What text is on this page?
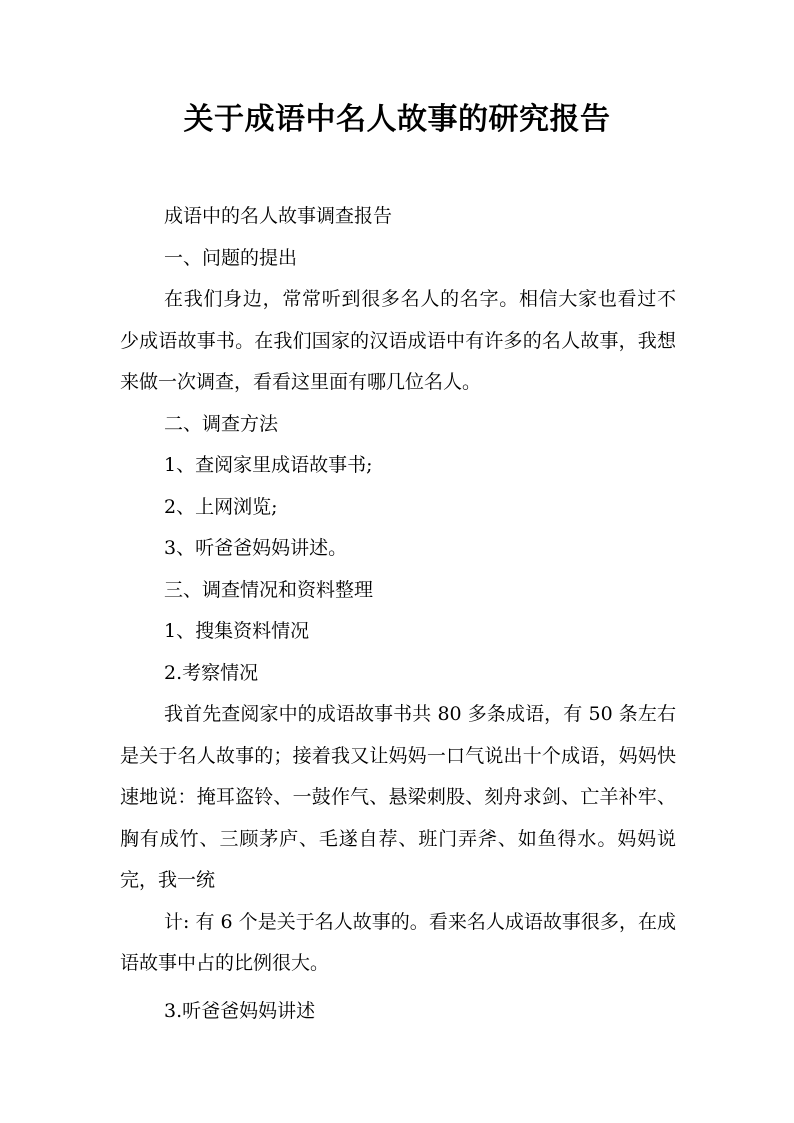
关于成语中名人故事的研究报告

成语中的名人故事调查报告

一、问题的提出

在我们身边，常常听到很多名人的名字。相信大家也看过不少成语故事书。在我们国家的汉语成语中有许多的名人故事，我想来做一次调查，看看这里面有哪几位名人。

二、调查方法

1、查阅家里成语故事书;

2、上网浏览;

3、听爸爸妈妈讲述。

三、调查情况和资料整理

1、搜集资料情况

2.考察情况

我首先查阅家中的成语故事书共 80 多条成语，有 50 条左右是关于名人故事的；接着我又让妈妈一口气说出十个成语，妈妈快速地说：掩耳盗铃、一鼓作气、悬梁刺股、刻舟求剑、亡羊补牢、胸有成竹、三顾茅庐、毛遂自荐、班门弄斧、如鱼得水。妈妈说完，我一统

计: 有 6 个是关于名人故事的。看来名人成语故事很多，在成语故事中占的比例很大。

3.听爸爸妈妈讲述
